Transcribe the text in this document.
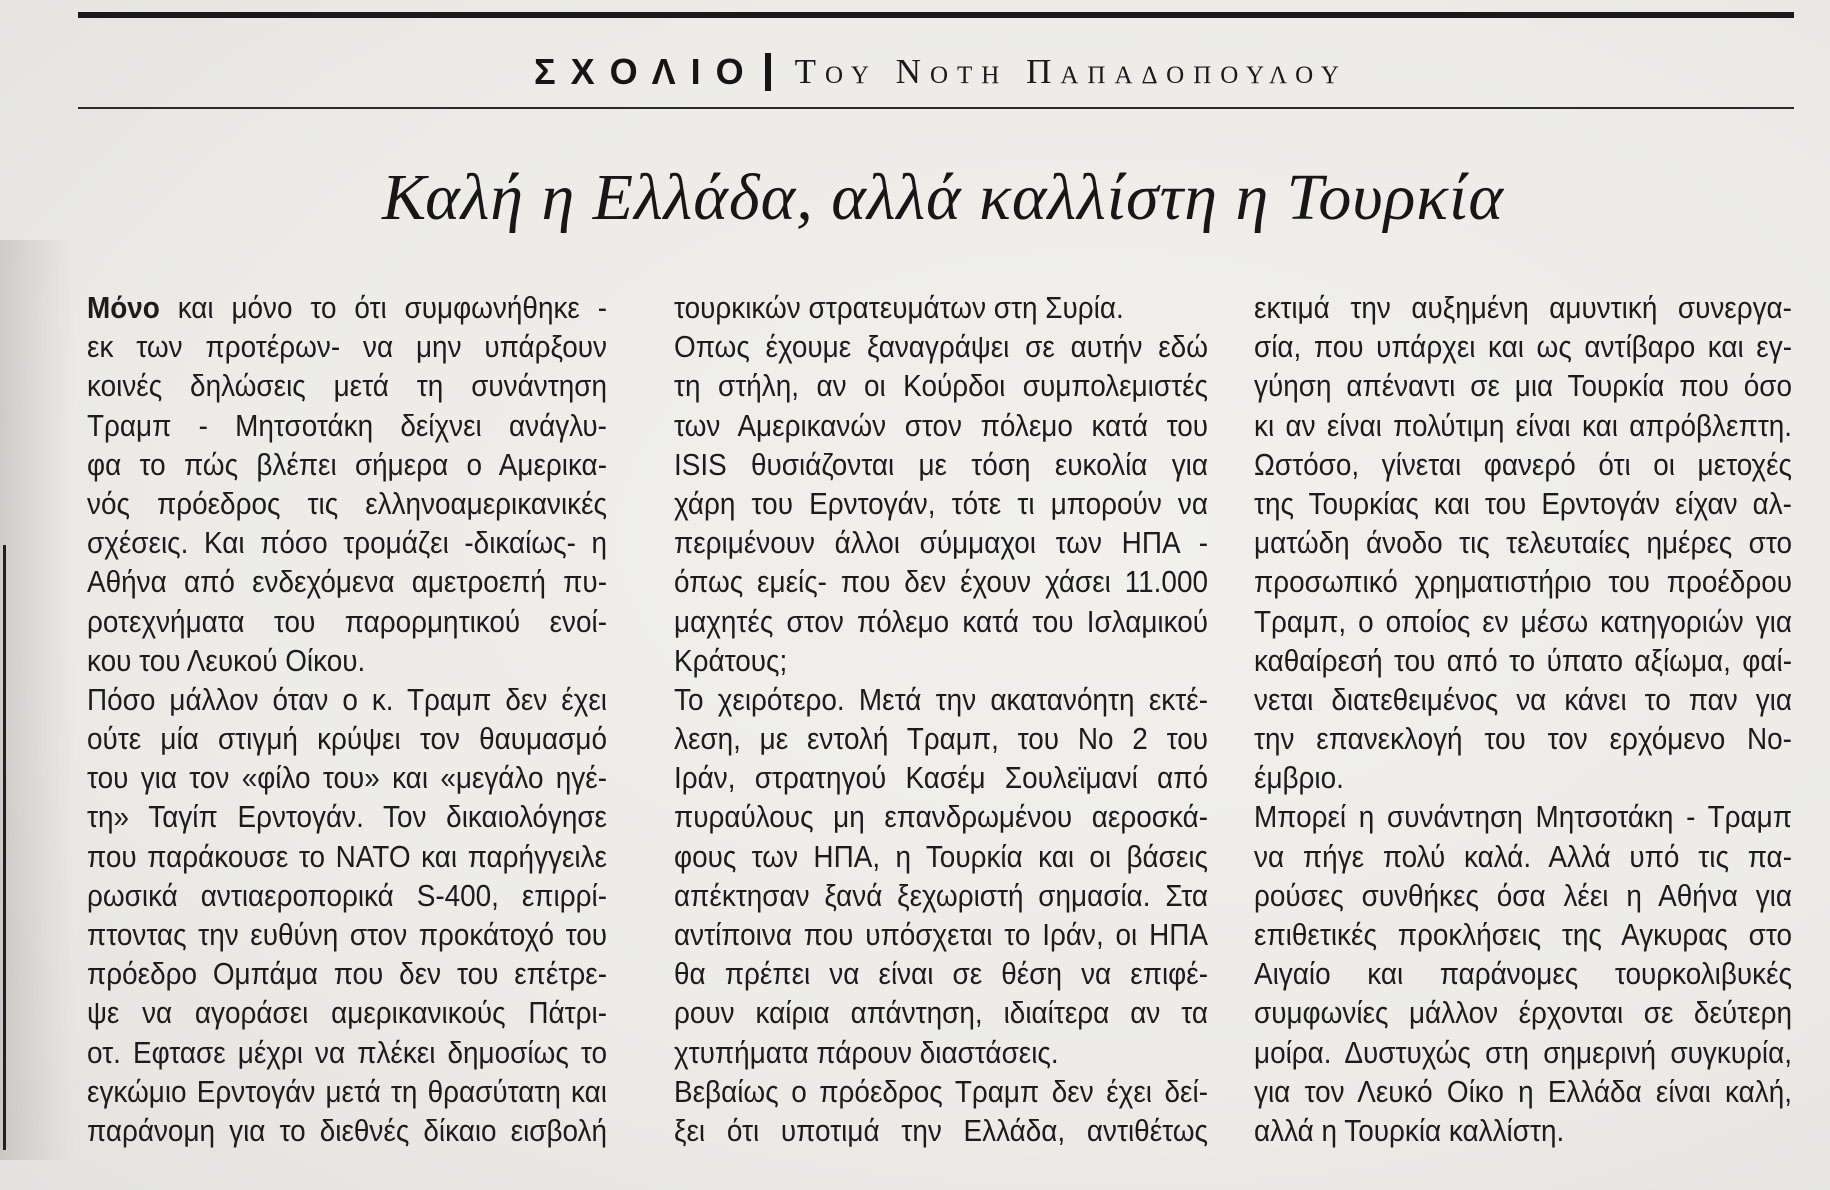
ΣΧΟΛΙΟ Του Νοτη Παπαδοπουλου
Καλή η Ελλάδα, αλλά καλλίστη η Τουρκία
Μόνο και μόνο το ότι συμφωνήθηκε -
εκ των προτέρων- να μην υπάρξουν
κοινές δηλώσεις μετά τη συνάντηση
Τραμπ - Μητσοτάκη δείχνει ανάγλυ-
φα το πώς βλέπει σήμερα ο Αμερικα-
νός πρόεδρος τις ελληνοαμερικανικές
σχέσεις. Και πόσο τρομάζει -δικαίως- η
Αθήνα από ενδεχόμενα αμετροεπή πυ-
ροτεχνήματα του παρορμητικού ενοί-
κου του Λευκού Οίκου.
Πόσο μάλλον όταν ο κ. Τραμπ δεν έχει
ούτε μία στιγμή κρύψει τον θαυμασμό
του για τον «φίλο του» και «μεγάλο ηγέ-
τη» Ταγίπ Ερντογάν. Τον δικαιολόγησε
που παράκουσε το ΝΑΤΟ και παρήγγειλε
ρωσικά αντιαεροπορικά S-400, επιρρί-
πτοντας την ευθύνη στον προκάτοχό του
πρόεδρο Ομπάμα που δεν του επέτρε-
ψε να αγοράσει αμερικανικούς Πάτρι-
οτ. Εφτασε μέχρι να πλέκει δημοσίως το
εγκώμιο Ερντογάν μετά τη θρασύτατη και
παράνομη για το διεθνές δίκαιο εισβολή
τουρκικών στρατευμάτων στη Συρία.
Οπως έχουμε ξαναγράψει σε αυτήν εδώ
τη στήλη, αν οι Κούρδοι συμπολεμιστές
των Αμερικανών στον πόλεμο κατά του
ISIS θυσιάζονται με τόση ευκολία για
χάρη του Ερντογάν, τότε τι μπορούν να
περιμένουν άλλοι σύμμαχοι των ΗΠΑ -
όπως εμείς- που δεν έχουν χάσει 11.000
μαχητές στον πόλεμο κατά του Ισλαμικού
Κράτους;
Το χειρότερο. Μετά την ακατανόητη εκτέ-
λεση, με εντολή Τραμπ, του Νο 2 του
Ιράν, στρατηγού Κασέμ Σουλεϊμανί από
πυραύλους μη επανδρωμένου αεροσκά-
φους των ΗΠΑ, η Τουρκία και οι βάσεις
απέκτησαν ξανά ξεχωριστή σημασία. Στα
αντίποινα που υπόσχεται το Ιράν, οι ΗΠΑ
θα πρέπει να είναι σε θέση να επιφέ-
ρουν καίρια απάντηση, ιδιαίτερα αν τα
χτυπήματα πάρουν διαστάσεις.
Βεβαίως ο πρόεδρος Τραμπ δεν έχει δεί-
ξει ότι υποτιμά την Ελλάδα, αντιθέτως
εκτιμά την αυξημένη αμυντική συνεργα-
σία, που υπάρχει και ως αντίβαρο και εγ-
γύηση απέναντι σε μια Τουρκία που όσο
κι αν είναι πολύτιμη είναι και απρόβλεπτη.
Ωστόσο, γίνεται φανερό ότι οι μετοχές
της Τουρκίας και του Ερντογάν είχαν αλ-
ματώδη άνοδο τις τελευταίες ημέρες στο
προσωπικό χρηματιστήριο του προέδρου
Τραμπ, ο οποίος εν μέσω κατηγοριών για
καθαίρεσή του από το ύπατο αξίωμα, φαί-
νεται διατεθειμένος να κάνει το παν για
την επανεκλογή του τον ερχόμενο Νο-
έμβριο.
Μπορεί η συνάντηση Μητσοτάκη - Τραμπ
να πήγε πολύ καλά. Αλλά υπό τις πα-
ρούσες συνθήκες όσα λέει η Αθήνα για
επιθετικές προκλήσεις της Αγκυρας στο
Αιγαίο και παράνομες τουρκολιβυκές
συμφωνίες μάλλον έρχονται σε δεύτερη
μοίρα. Δυστυχώς στη σημερινή συγκυρία,
για τον Λευκό Οίκο η Ελλάδα είναι καλή,
αλλά η Τουρκία καλλίστη.
